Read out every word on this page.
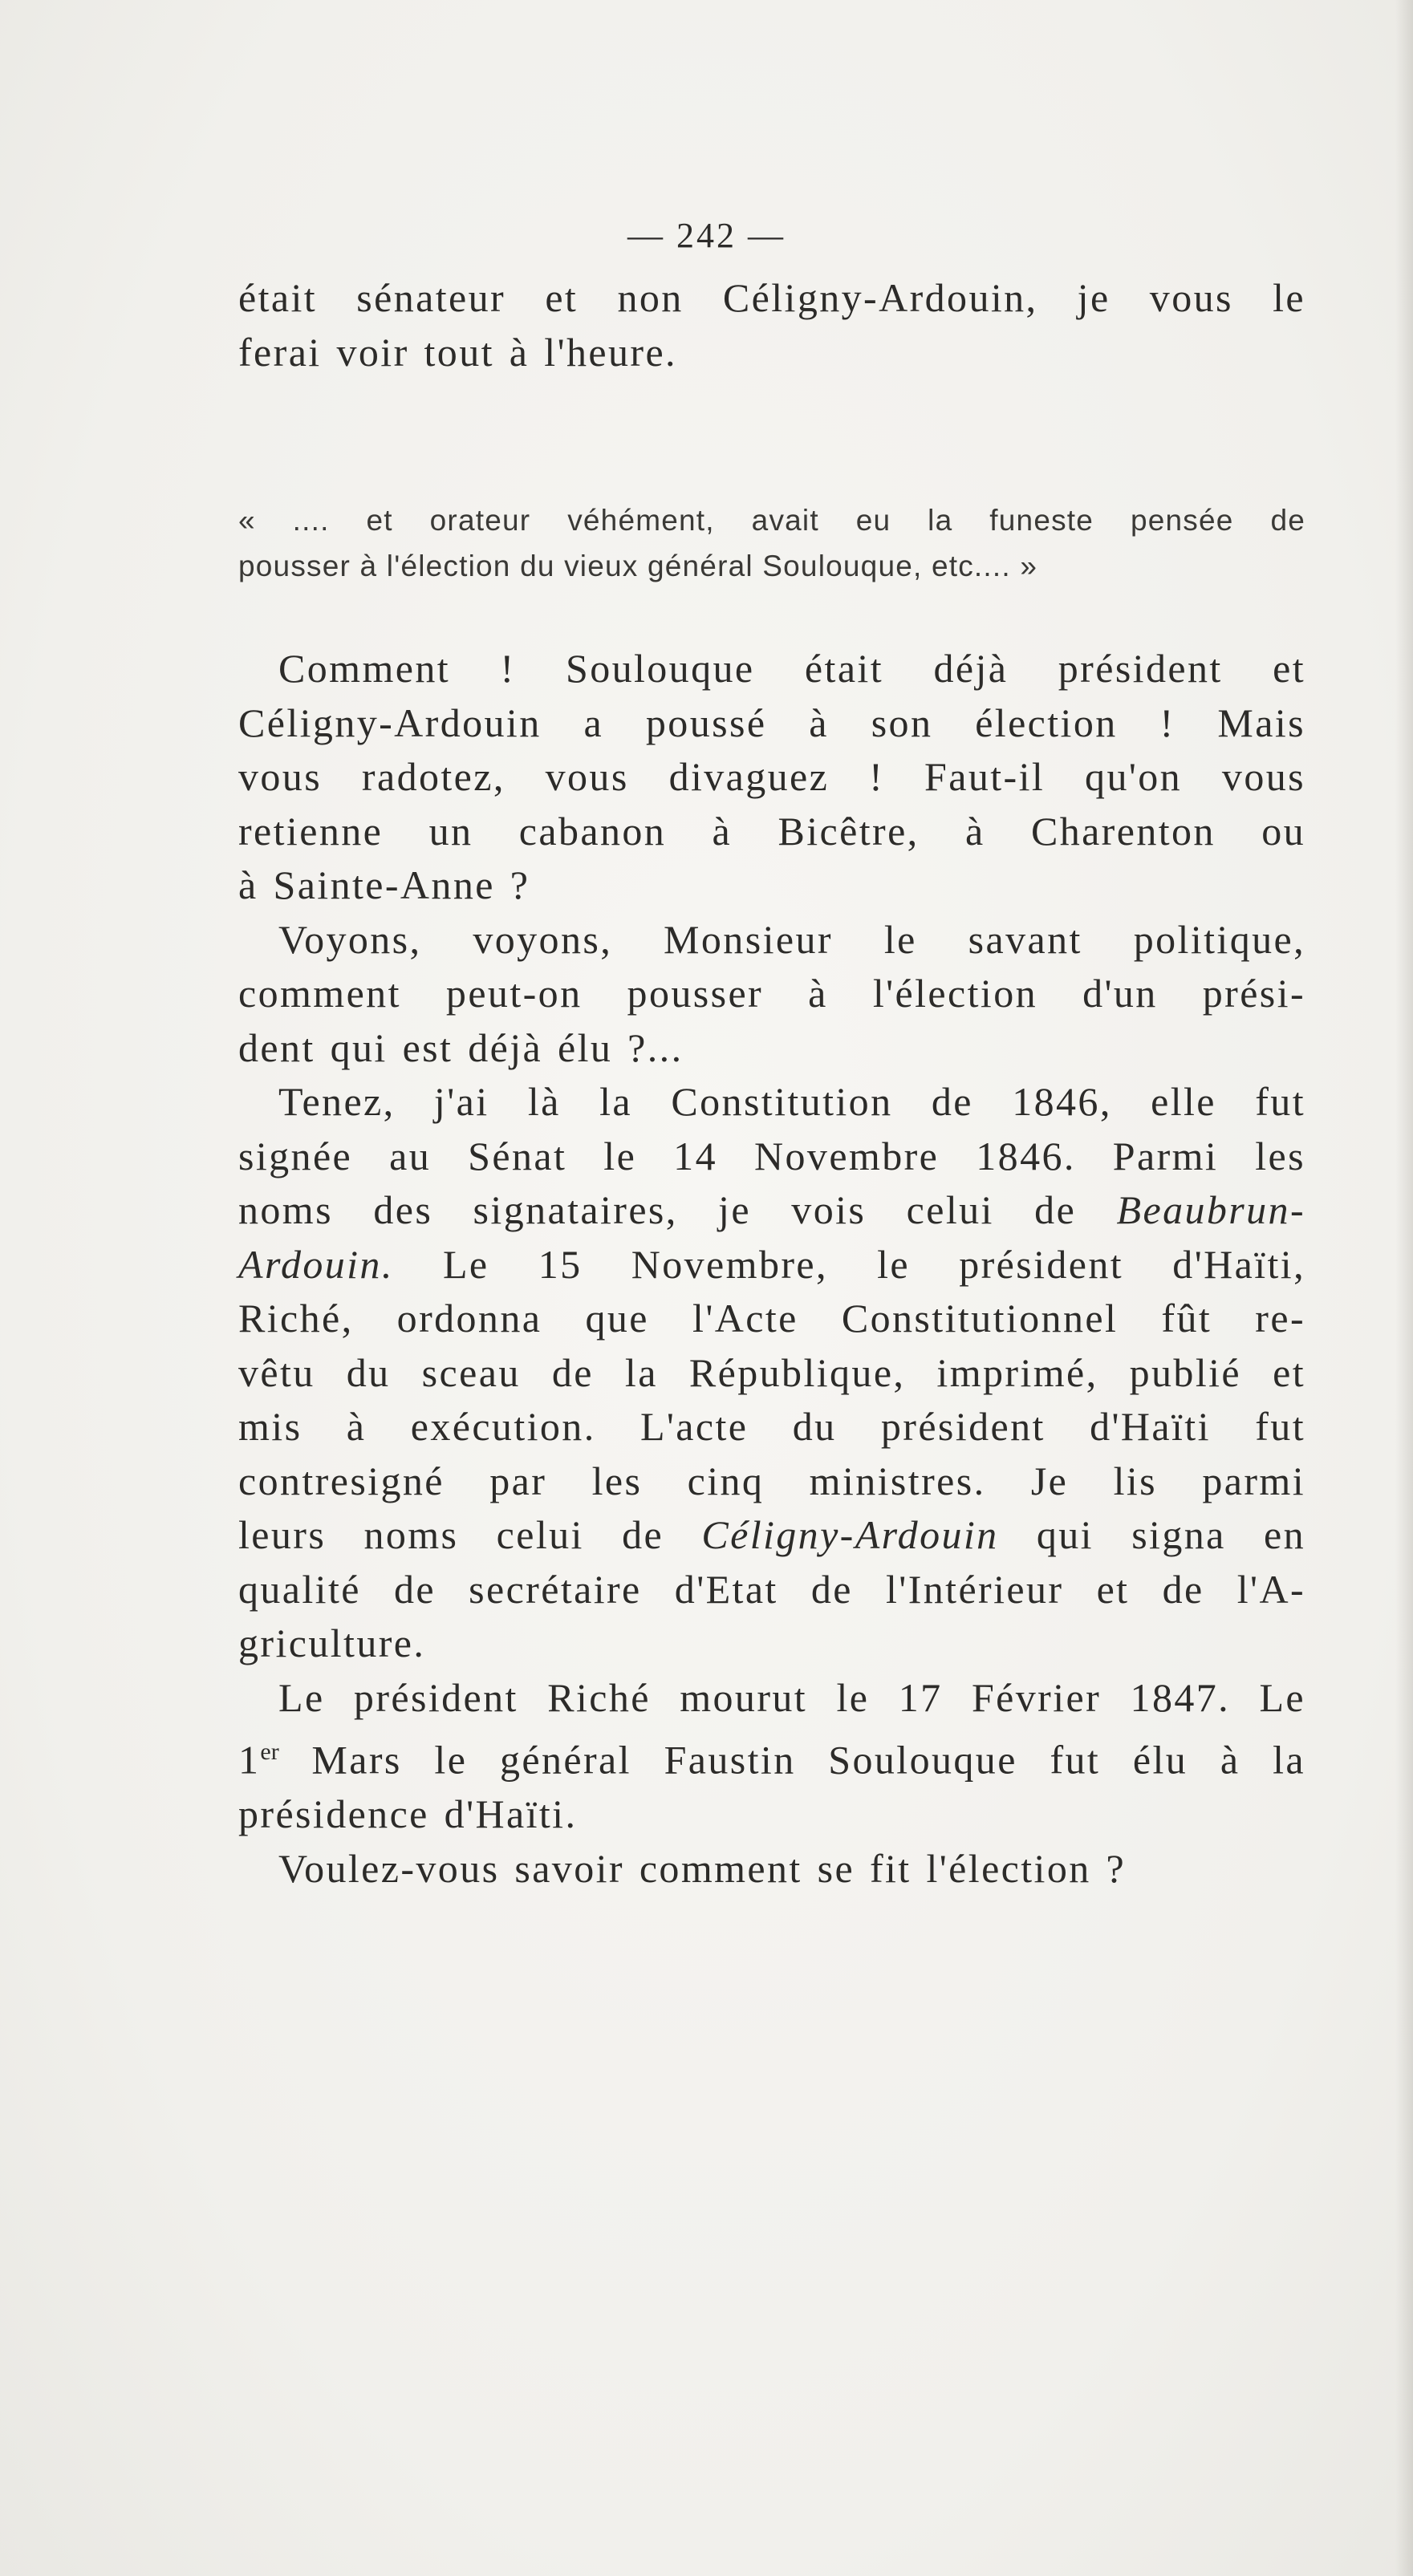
— 242 —
était sénateur et non Céligny-Ardouin, je vous le
ferai voir tout à l'heure.
« .... et orateur véhément, avait eu la funeste pensée de
pousser à l'élection du vieux général Soulouque, etc.... »
Comment ! Soulouque était déjà président et
Céligny-Ardouin a poussé à son élection ! Mais
vous radotez, vous divaguez ! Faut-il qu'on vous
retienne un cabanon à Bicêtre, à Charenton ou
à Sainte-Anne ?
Voyons, voyons, Monsieur le savant politique,
comment peut-on pousser à l'élection d'un prési-
dent qui est déjà élu ?...
Tenez, j'ai là la Constitution de 1846, elle fut
signée au Sénat le 14 Novembre 1846. Parmi les
noms des signataires, je vois celui de Beaubrun-
Ardouin. Le 15 Novembre, le président d'Haïti,
Riché, ordonna que l'Acte Constitutionnel fût re-
vêtu du sceau de la République, imprimé, publié et
mis à exécution. L'acte du président d'Haïti fut
contresigné par les cinq ministres. Je lis parmi
leurs noms celui de Céligny-Ardouin qui signa en
qualité de secrétaire d'Etat de l'Intérieur et de l'A-
griculture.
Le président Riché mourut le 17 Février 1847. Le
1er Mars le général Faustin Soulouque fut élu à la
présidence d'Haïti.
Voulez-vous savoir comment se fit l'élection ?
